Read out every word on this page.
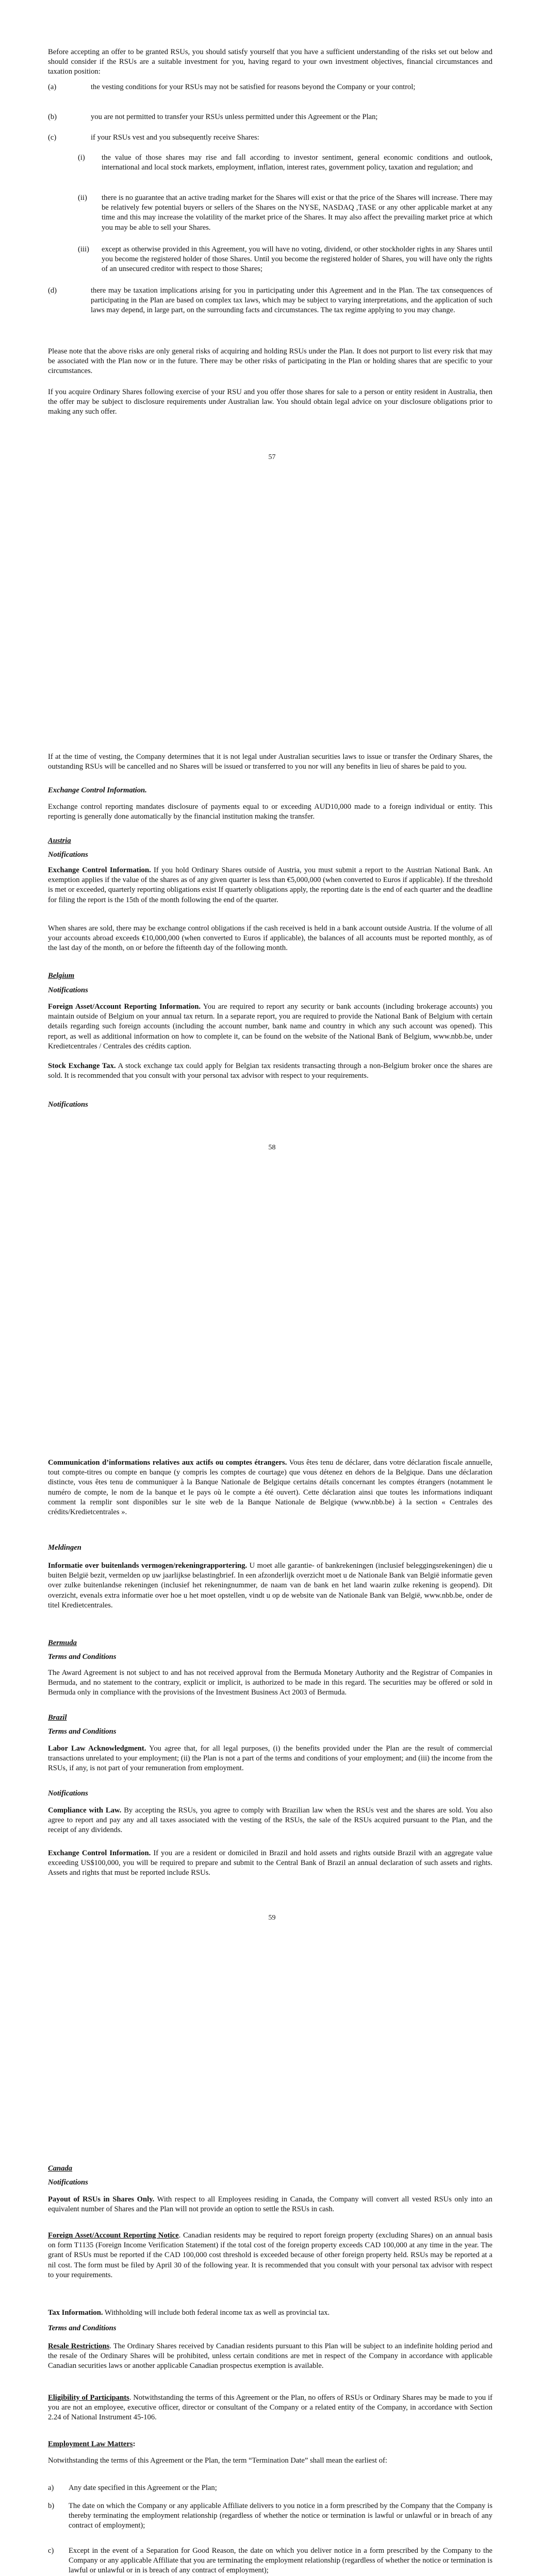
Before accepting an offer to be granted RSUs, you should satisfy yourself that you have a sufficient understanding of the risks set out below and should consider if the RSUs are a suitable investment for you, having regard to your own investment objectives, financial circumstances and taxation position:

(a)	the vesting conditions for your RSUs may not be satisfied for reasons beyond the Company or your control;
(b)	you are not permitted to transfer your RSUs unless permitted under this Agreement or the Plan;
(c)	if your RSUs vest and you subsequently receive Shares:
(i) the value of those shares may rise and fall according to investor sentiment, general economic conditions and outlook, international and local stock markets, employment, inflation, interest rates, government policy, taxation and regulation; and
(ii) there is no guarantee that an active trading market for the Shares will exist or that the price of the Shares will increase. There may be relatively few potential buyers or sellers of the Shares on the NYSE, NASDAQ ,TASE or any other applicable market at any time and this may increase the volatility of the market price of the Shares. It may also affect the prevailing market price at which you may be able to sell your Shares.
(iii) except as otherwise provided in this Agreement, you will have no voting, dividend, or other stockholder rights in any Shares until you become the registered holder of those Shares. Until you become the registered holder of Shares, you will have only the rights of an unsecured creditor with respect to those Shares;
(d)	there may be taxation implications arising for you in participating under this Agreement and in the Plan. The tax consequences of participating in the Plan are based on complex tax laws, which may be subject to varying interpretations, and the application of such laws may depend, in large part, on the surrounding facts and circumstances. The tax regime applying to you may change.

Please note that the above risks are only general risks of acquiring and holding RSUs under the Plan. It does not purport to list every risk that may be associated with the Plan now or in the future. There may be other risks of participating in the Plan or holding shares that are specific to your circumstances.

If you acquire Ordinary Shares following exercise of your RSU and you offer those shares for sale to a person or entity resident in Australia, then the offer may be subject to disclosure requirements under Australian law. You should obtain legal advice on your disclosure obligations prior to making any such offer.

57

If at the time of vesting, the Company determines that it is not legal under Australian securities laws to issue or transfer the Ordinary Shares, the outstanding RSUs will be cancelled and no Shares will be issued or transferred to you nor will any benefits in lieu of shares be paid to you.

Exchange Control Information.

Exchange control reporting mandates disclosure of payments equal to or exceeding AUD10,000 made to a foreign individual or entity. This reporting is generally done automatically by the financial institution making the transfer.

Austria

Notifications

Exchange Control Information. If you hold Ordinary Shares outside of Austria, you must submit a report to the Austrian National Bank. An exemption applies if the value of the shares as of any given quarter is less than €5,000,000 (when converted to Euros if applicable). If the threshold is met or exceeded, quarterly reporting obligations exist If quarterly obligations apply, the reporting date is the end of each quarter and the deadline for filing the report is the 15th of the month following the end of the quarter.

When shares are sold, there may be exchange control obligations if the cash received is held in a bank account outside Austria. If the volume of all your accounts abroad exceeds €10,000,000 (when converted to Euros if applicable), the balances of all accounts must be reported monthly, as of the last day of the month, on or before the fifteenth day of the following month.

Belgium

Notifications

Foreign Asset/Account Reporting Information. You are required to report any security or bank accounts (including brokerage accounts) you maintain outside of Belgium on your annual tax return. In a separate report, you are required to provide the National Bank of Belgium with certain details regarding such foreign accounts (including the account number, bank name and country in which any such account was opened). This report, as well as additional information on how to complete it, can be found on the website of the National Bank of Belgium, www.nbb.be, under Kredietcentrales / Centrales des crédits caption.

Stock Exchange Tax. A stock exchange tax could apply for Belgian tax residents transacting through a non-Belgium broker once the shares are sold. It is recommended that you consult with your personal tax advisor with respect to your requirements.

Notifications

58

Communication d’informations relatives aux actifs ou comptes étrangers. Vous êtes tenu de déclarer, dans votre déclaration fiscale annuelle, tout compte-titres ou compte en banque (y compris les comptes de courtage) que vous détenez en dehors de la Belgique. Dans une déclaration distincte, vous êtes tenu de communiquer à la Banque Nationale de Belgique certains détails concernant les comptes étrangers (notamment le numéro de compte, le nom de la banque et le pays où le compte a été ouvert). Cette déclaration ainsi que toutes les informations indiquant comment la remplir sont disponibles sur le site web de la Banque Nationale de Belgique (www.nbb.be) à la section « Centrales des crédits/Kredietcentrales ».

Meldingen

Informatie over buitenlands vermogen/rekeningrapportering. U moet alle garantie- of bankrekeningen (inclusief beleggingsrekeningen) die u buiten België bezit, vermelden op uw jaarlijkse belastingbrief. In een afzonderlijk overzicht moet u de Nationale Bank van België informatie geven over zulke buitenlandse rekeningen (inclusief het rekeningnummer, de naam van de bank en het land waarin zulke rekening is geopend). Dit overzicht, evenals extra informatie over hoe u het moet opstellen, vindt u op de website van de Nationale Bank van België, www.nbb.be, onder de titel Kredietcentrales.

Bermuda

Terms and Conditions

The Award Agreement is not subject to and has not received approval from the Bermuda Monetary Authority and the Registrar of Companies in Bermuda, and no statement to the contrary, explicit or implicit, is authorized to be made in this regard. The securities may be offered or sold in Bermuda only in compliance with the provisions of the Investment Business Act 2003 of Bermuda.

Brazil

Terms and Conditions

Labor Law Acknowledgment. You agree that, for all legal purposes, (i) the benefits provided under the Plan are the result of commercial transactions unrelated to your employment; (ii) the Plan is not a part of the terms and conditions of your employment; and (iii) the income from the RSUs, if any, is not part of your remuneration from employment.

Notifications

Compliance with Law. By accepting the RSUs, you agree to comply with Brazilian law when the RSUs vest and the shares are sold. You also agree to report and pay any and all taxes associated with the vesting of the RSUs, the sale of the RSUs acquired pursuant to the Plan, and the receipt of any dividends.

Exchange Control Information. If you are a resident or domiciled in Brazil and hold assets and rights outside Brazil with an aggregate value exceeding US$100,000, you will be required to prepare and submit to the Central Bank of Brazil an annual declaration of such assets and rights. Assets and rights that must be reported include RSUs.

59

Canada

Notifications

Payout of RSUs in Shares Only. With respect to all Employees residing in Canada, the Company will convert all vested RSUs only into an equivalent number of Shares and the Plan will not provide an option to settle the RSUs in cash.

Foreign Asset/Account Reporting Notice. Canadian residents may be required to report foreign property (excluding Shares) on an annual basis on form T1135 (Foreign Income Verification Statement) if the total cost of the foreign property exceeds CAD 100,000 at any time in the year. The grant of RSUs must be reported if the CAD 100,000 cost threshold is exceeded because of other foreign property held. RSUs may be reported at a nil cost. The form must be filed by April 30 of the following year. It is recommended that you consult with your personal tax advisor with respect to your requirements.

Tax Information. Withholding will include both federal income tax as well as provincial tax.

Terms and Conditions

Resale Restrictions. The Ordinary Shares received by Canadian residents pursuant to this Plan will be subject to an indefinite holding period and the resale of the Ordinary Shares will be prohibited, unless certain conditions are met in respect of the Company in accordance with applicable Canadian securities laws or another applicable Canadian prospectus exemption is available.

Eligibility of Participants. Notwithstanding the terms of this Agreement or the Plan, no offers of RSUs or Ordinary Shares may be made to you if you are not an employee, executive officer, director or consultant of the Company or a related entity of the Company, in accordance with Section 2.24 of National Instrument 45-106.

Employment Law Matters:

Notwithstanding the terms of this Agreement or the Plan, the term “Termination Date” shall mean the earliest of:

a) Any date specified in this Agreement or the Plan;
b) The date on which the Company or any applicable Affiliate delivers to you notice in a form prescribed by the Company that the Company is thereby terminating the employment relationship (regardless of whether the notice or termination is lawful or unlawful or in breach of any contract of employment);
c) Except in the event of a Separation for Good Reason, the date on which you deliver notice in a form prescribed by the Company to the Company or any applicable Affiliate that you are terminating the employment relationship (regardless of whether the notice or termination is lawful or unlawful or in is breach of any contract of employment);
